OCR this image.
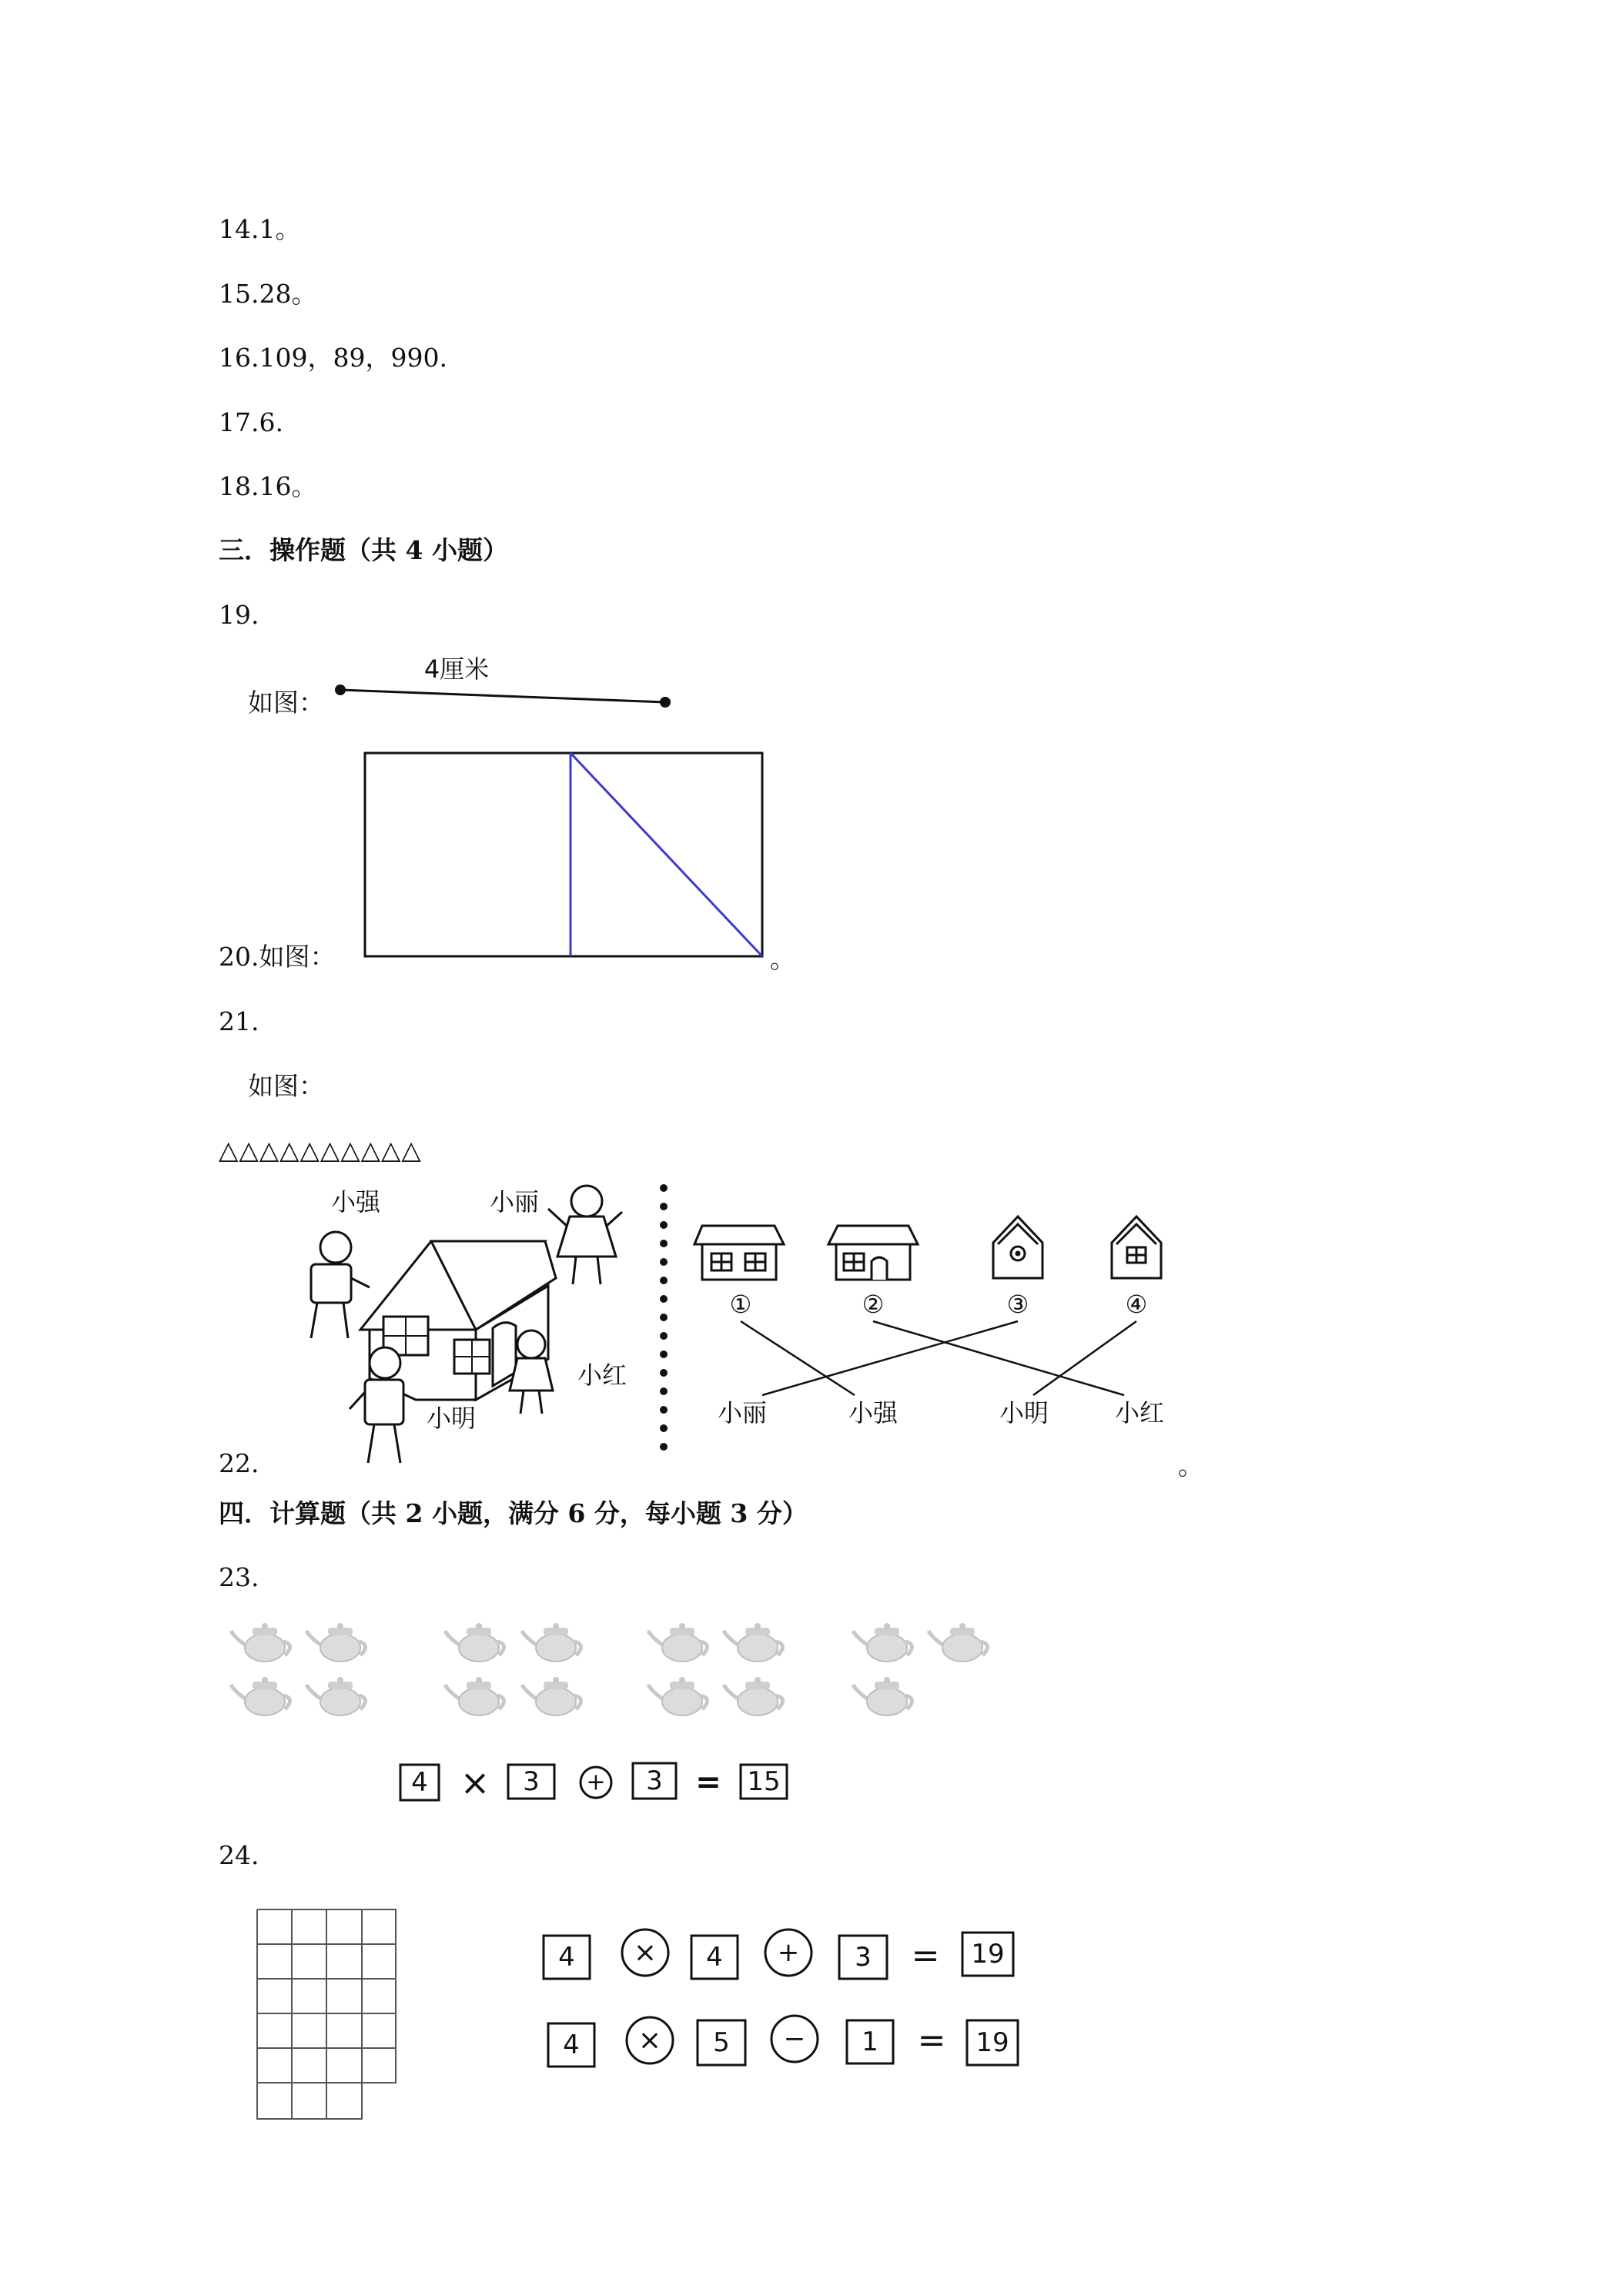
14.1。
15.28。
16.109，89，990.
17.6.
18.16。
三．操作题（共 4 小题）
19.
如图：
4厘米
20.如图：	。
21.
如图：
△△△△△△△△△△
小强	小丽
小红
小明
①	②	③	④
小丽	小强	小明	小红
22.	。
四．计算题（共 2 小题，满分 6 分，每小题 3 分）
23.
4 × 3 + 3 = 15
24.
4 × 4 + 3 = 19
4 × 5 − 1 = 19
